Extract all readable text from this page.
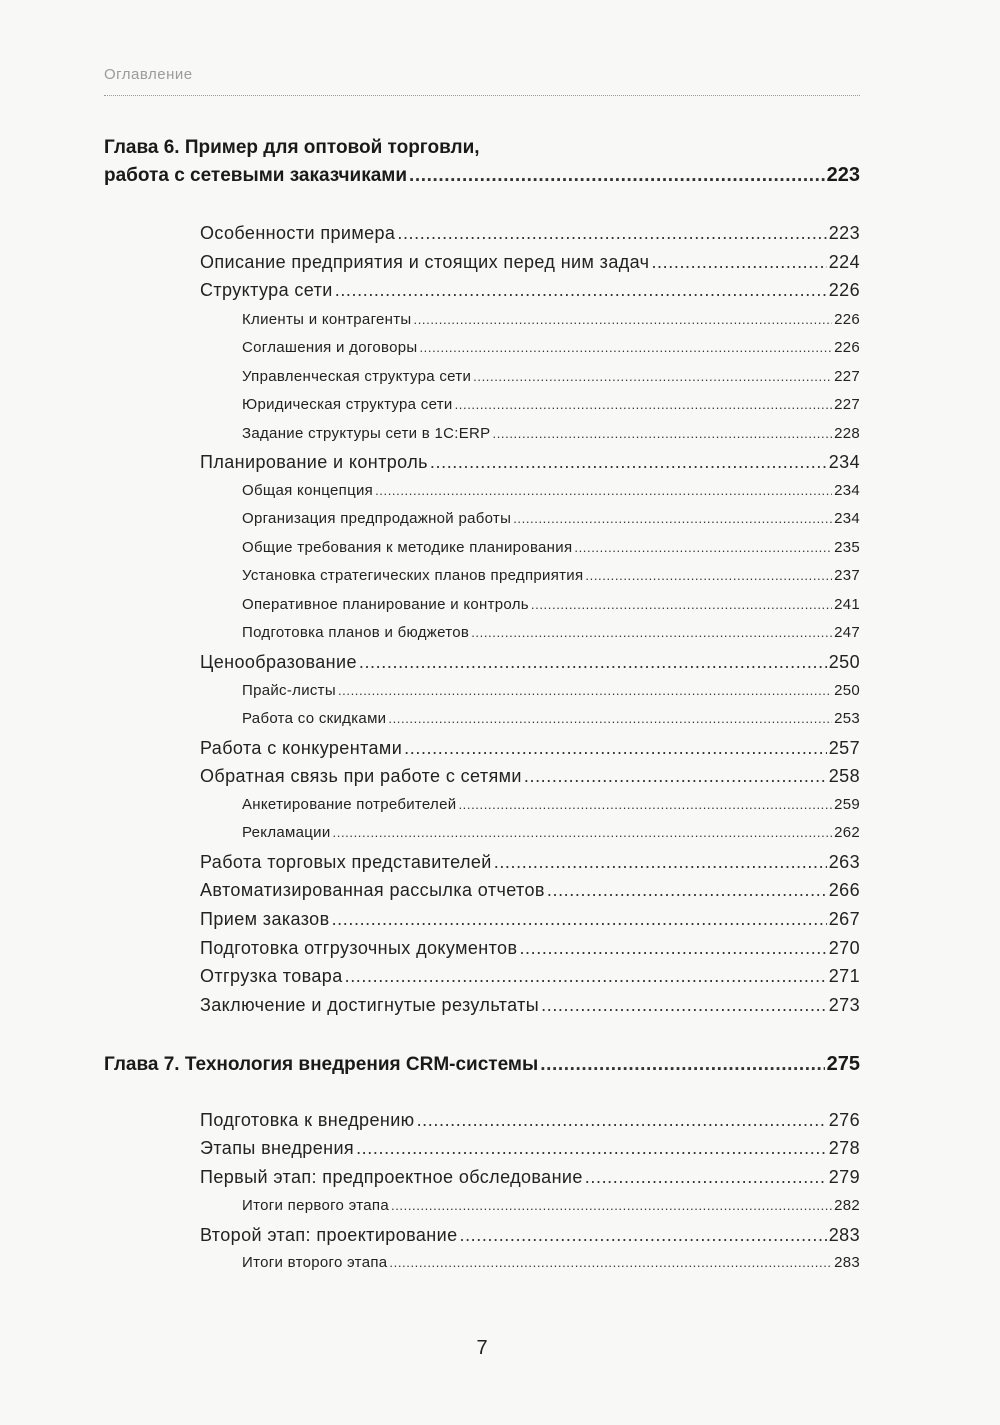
Оглавление
Глава 6. Пример для оптовой торговли,
работа с сетевыми заказчиками .....	223
Особенности примера .....	223
Описание предприятия и стоящих перед ним задач .....	224
Структура сети .....	226
Клиенты и контрагенты .....	226
Соглашения и договоры .....	226
Управленческая структура сети .....	227
Юридическая структура сети .....	227
Задание структуры сети в 1С:ERP .....	228
Планирование и контроль .....	234
Общая концепция .....	234
Организация предпродажной работы .....	234
Общие требования к методике планирования .....	235
Установка стратегических планов предприятия .....	237
Оперативное планирование и контроль .....	241
Подготовка планов и бюджетов .....	247
Ценообразование .....	250
Прайс-листы .....	250
Работа со скидками .....	253
Работа с конкурентами .....	257
Обратная связь при работе с сетями .....	258
Анкетирование потребителей .....	259
Рекламации .....	262
Работа торговых представителей .....	263
Автоматизированная рассылка отчетов .....	266
Прием заказов .....	267
Подготовка отгрузочных документов .....	270
Отгрузка товара .....	271
Заключение и достигнутые результаты .....	273
Глава 7. Технология внедрения CRM-системы .....	275
Подготовка к внедрению .....	276
Этапы внедрения .....	278
Первый этап: предпроектное обследование .....	279
Итоги первого этапа .....	282
Второй этап: проектирование .....	283
Итоги второго этапа .....	283
7
